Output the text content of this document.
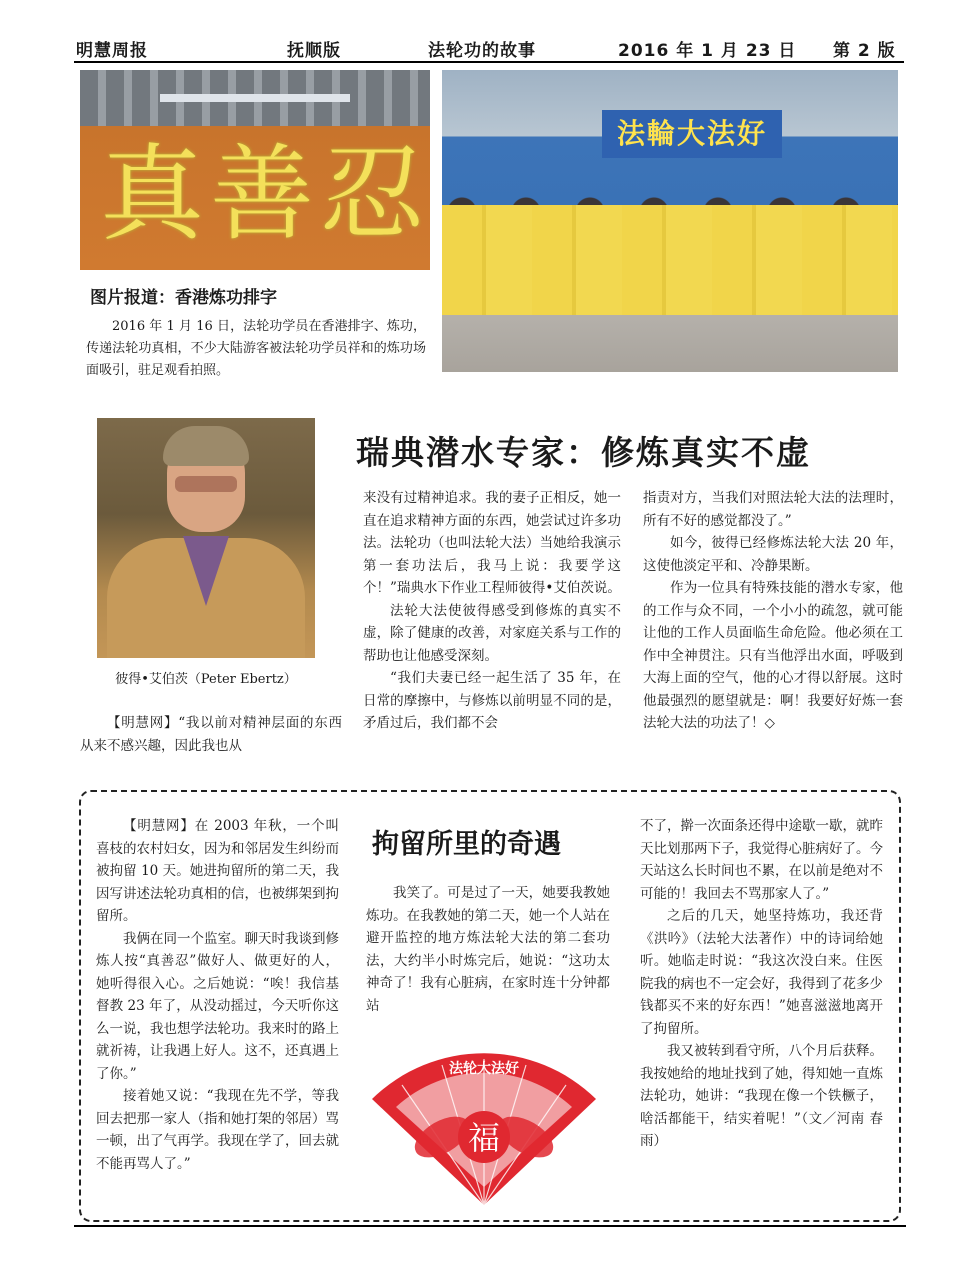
明慧周报	抚顺版	法轮功的故事	2016 年 1 月 23 日 第 2 版
真 善 忍	法輪大法好
图片报道：香港炼功排字
2016 年 1 月 16 日，法轮功学员在香港排字、炼功，传递法轮功真相，不少大陆游客被法轮功学员祥和的炼功场面吸引，驻足观看拍照。
彼得•艾伯茨（Peter Ebertz）
瑞典潜水专家：修炼真实不虚

【明慧网】“我以前对精神层面的东西从来不感兴趣，因此我也从

来没有过精神追求。我的妻子正相反，她一直在追求精神方面的东西，她尝试过许多功法。法轮功（也叫法轮大法）当她给我演示第一套功法后，我马上说：我要学这个！”瑞典水下作业工程师彼得•艾伯茨说。

法轮大法使彼得感受到修炼的真实不虚，除了健康的改善，对家庭关系与工作的帮助也让他感受深刻。

“我们夫妻已经一起生活了 35 年，在日常的摩擦中，与修炼以前明显不同的是，矛盾过后，我们都不会

指责对方，当我们对照法轮大法的法理时，所有不好的感觉都没了。”

如今，彼得已经修炼法轮大法 20 年，这使他淡定平和、冷静果断。

作为一位具有特殊技能的潜水专家，他的工作与众不同，一个小小的疏忽，就可能让他的工作人员面临生命危险。他必须在工作中全神贯注。只有当他浮出水面，呼吸到大海上面的空气，他的心才得以舒展。这时他最强烈的愿望就是：啊！我要好好炼一套法轮大法的功法了！◇

拘留所里的奇遇

【明慧网】在 2003 年秋，一个叫喜枝的农村妇女，因为和邻居发生纠纷而被拘留 10 天。她进拘留所的第二天，我因写讲述法轮功真相的信，也被绑架到拘留所。

我俩在同一个监室。聊天时我谈到修炼人按“真善忍”做好人、做更好的人，她听得很入心。之后她说：“唉！我信基督教 23 年了，从没动摇过，今天听你这么一说，我也想学法轮功。我来时的路上就祈祷，让我遇上好人。这不，还真遇上了你。”

接着她又说：“我现在先不学，等我回去把那一家人（指和她打架的邻居）骂一顿，出了气再学。我现在学了，回去就不能再骂人了。”

我笑了。可是过了一天，她要我教她炼功。在我教她的第二天，她一个人站在避开监控的地方炼法轮大法的第二套功法，大约半小时炼完后，她说：“这功太神奇了！我有心脏病，在家时连十分钟都站

不了，擀一次面条还得中途歇一歇，就昨天比划那两下子，我觉得心脏病好了。今天站这么长时间也不累，在以前是绝对不可能的！我回去不骂那家人了。”

之后的几天，她坚持炼功，我还背《洪吟》（法轮大法著作）中的诗词给她听。她临走时说：“我这次没白来。住医院我的病也不一定会好，我得到了花多少钱都买不来的好东西！”她喜滋滋地离开了拘留所。

我又被转到看守所，八个月后获释。我按她给的地址找到了她，得知她一直炼法轮功，她讲：“我现在像一个铁橛子，啥活都能干，结实着呢！”（文／河南 春雨）

福
法轮大法好
